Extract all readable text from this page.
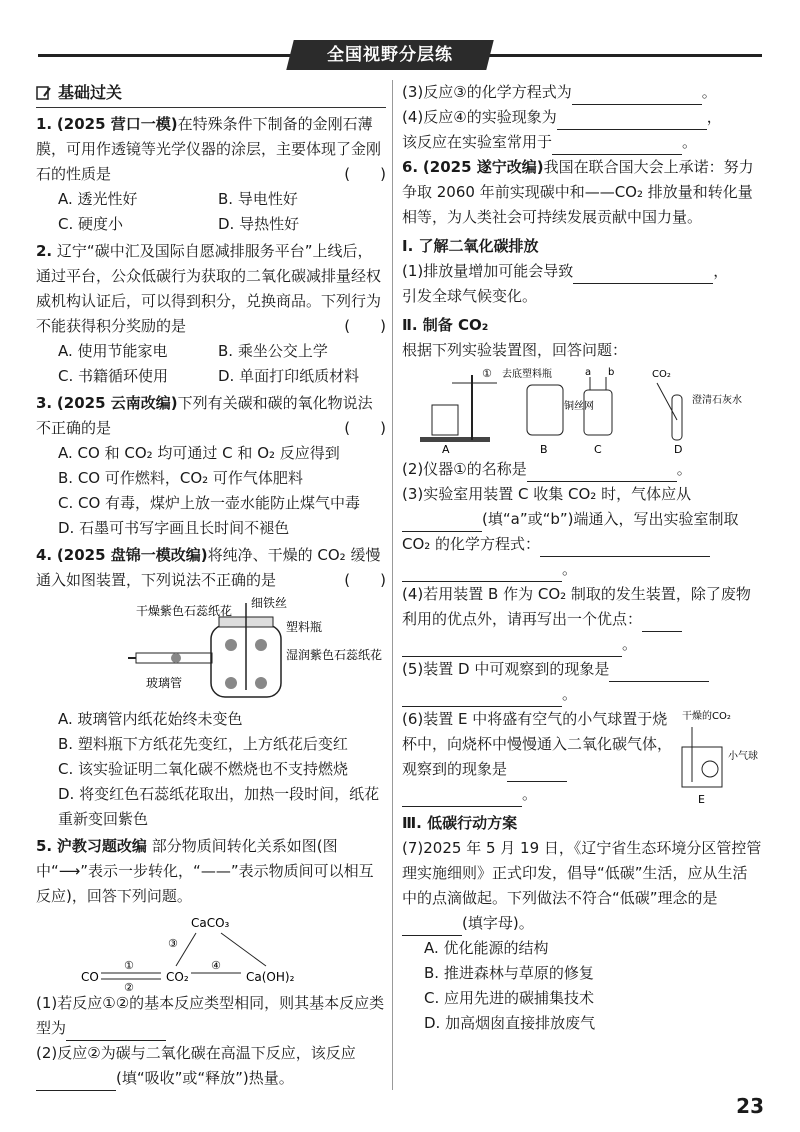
全国视野分层练
基础过关
1. (2025 营口一模)在特殊条件下制备的金刚石薄膜，可用作透镜等光学仪器的涂层，主要体现了金刚石的性质是	(　　)
A. 透光性好	B. 导电性好
C. 硬度小	D. 导热性好
2. 辽宁“碳中汇及国际自愿减排服务平台”上线后，通过平台，公众低碳行为获取的二氧化碳减排量经权威机构认证后，可以得到积分，兑换商品。下列行为不能获得积分奖励的是	(　　)
A. 使用节能家电	B. 乘坐公交上学
C. 书籍循环使用	D. 单面打印纸质材料
3. (2025 云南改编)下列有关碳和碳的氧化物说法不正确的是	(　　)
A. CO 和 CO₂ 均可通过 C 和 O₂ 反应得到
B. CO 可作燃料，CO₂ 可作气体肥料
C. CO 有毒，煤炉上放一壶水能防止煤气中毒
D. 石墨可书写字画且长时间不褪色
4. (2025 盘锦一模改编)将纯净、干燥的 CO₂ 缓慢通入如图装置，下列说法不正确的是	(　　)
细铁丝
干燥紫色石蕊纸花
塑料瓶
湿润紫色石蕊纸花
玻璃管
A. 玻璃管内纸花始终未变色
B. 塑料瓶下方纸花先变红，上方纸花后变红
C. 该实验证明二氧化碳不燃烧也不支持燃烧
D. 将变红色石蕊纸花取出，加热一段时间，纸花重新变回紫色
5. 沪教习题改编 部分物质间转化关系如图(图中“⟶”表示一步转化，“——”表示物质间可以相互反应)，回答下列问题。
CaCO₃
CO	CO₂	Ca(OH)₂
①
②
③
④
(1)若反应①②的基本反应类型相同，则其基本反应类型为
(2)反应②为碳与二氧化碳在高温下反应，该反应(填“吸收”或“释放”)热量。
(3)反应③的化学方程式为	。
(4)反应④的实验现象为	，
该反应在实验室常用于	。
6. (2025 遂宁改编)我国在联合国大会上承诺：努力争取 2060 年前实现碳中和——CO₂ 排放量和转化量相等，为人类社会可持续发展贡献中国力量。
Ⅰ. 了解二氧化碳排放
(1)排放量增加可能会导致	，
引发全球气候变化。
Ⅱ. 制备 CO₂
根据下列实验装置图，回答问题：
A	B	C	D
① 去底塑料瓶
铜丝网
a b	CO₂
澄清石灰水
(2)仪器①的名称是	。
(3)实验室用装置 C 收集 CO₂ 时，气体应从
(填“a”或“b”)端通入，写出实验室制取 CO₂ 的化学方程式：
。
(4)若用装置 B 作为 CO₂ 制取的发生装置，除了废物利用的优点外，请再写出一个优点：
。
(5)装置 D 中可观察到的现象是
。
(6)装置 E 中将盛有空气的小气球置于烧杯中，向烧杯中慢慢通入二氧化碳气体，观察到的现象是
。
干燥的CO₂
小气球
E
Ⅲ. 低碳行动方案
(7)2025 年 5 月 19 日，《辽宁省生态环境分区管控管理实施细则》正式印发，倡导“低碳”生活，应从生活中的点滴做起。下列做法不符合“低碳”理念的是(填字母)。
A. 优化能源的结构
B. 推进森林与草原的修复
C. 应用先进的碳捕集技术
D. 加高烟囱直接排放废气
23
